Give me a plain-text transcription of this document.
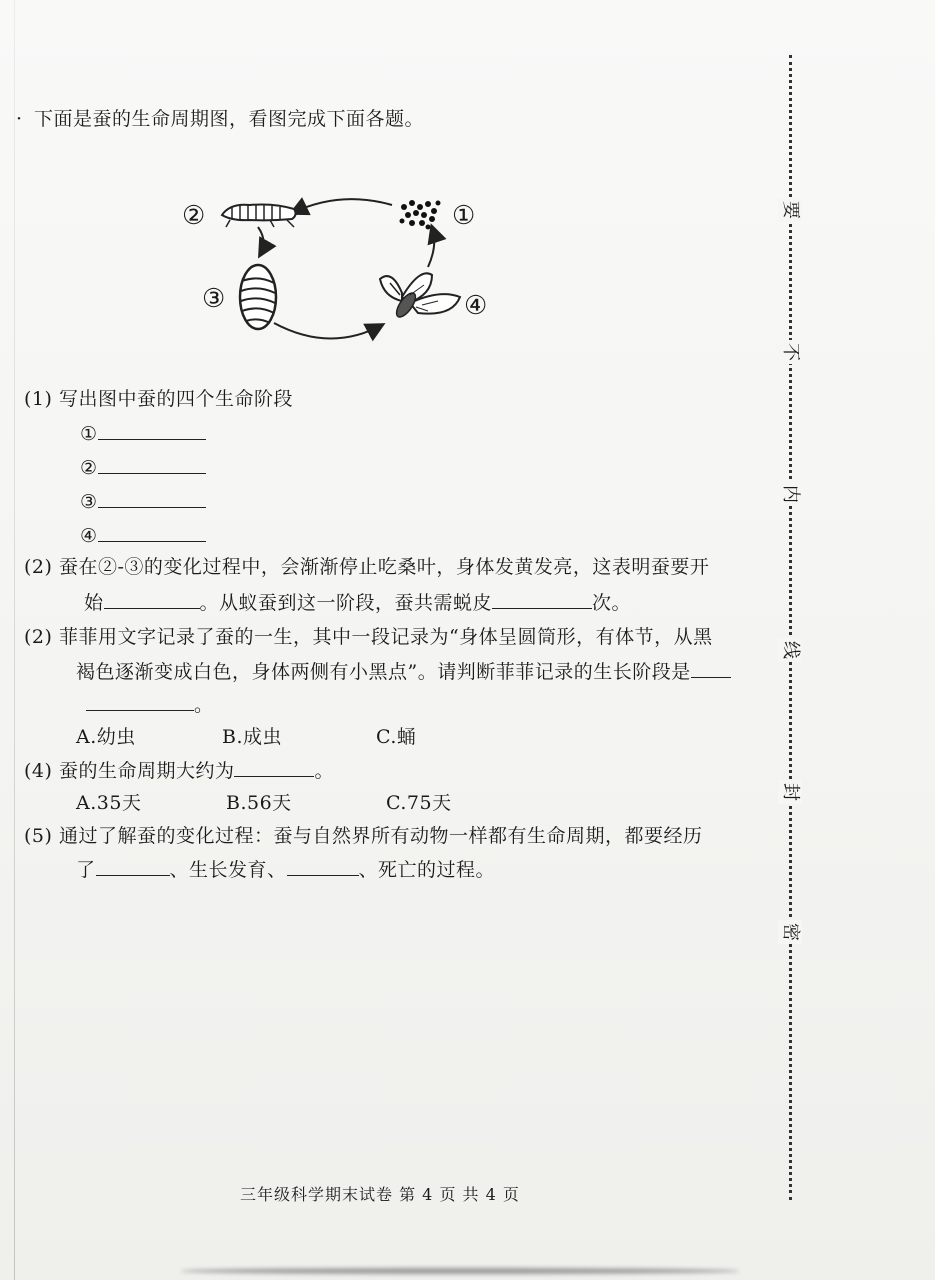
· 下面是蚕的生命周期图，看图完成下面各题。
②	①
③	④
(1) 写出图中蚕的四个生命阶段
①
②
③
④
(2) 蚕在②-③的变化过程中，会渐渐停止吃桑叶，身体发黄发亮，这表明蚕要开
始	。从蚁蚕到这一阶段，蚕共需蜕皮	次。
(2) 菲菲用文字记录了蚕的一生，其中一段记录为“身体呈圆筒形，有体节，从黑
褐色逐渐变成白色，身体两侧有小黑点”。请判断菲菲记录的生长阶段是
。
A.幼虫	B.成虫	C.蛹
(4) 蚕的生命周期大约为	。
A.35天	B.56天	C.75天
(5) 通过了解蚕的变化过程：蚕与自然界所有动物一样都有生命周期，都要经历
了	、生长发育、	、死亡的过程。
要
不
内
线
封
密
三年级科学期末试卷 第 4 页 共 4 页
